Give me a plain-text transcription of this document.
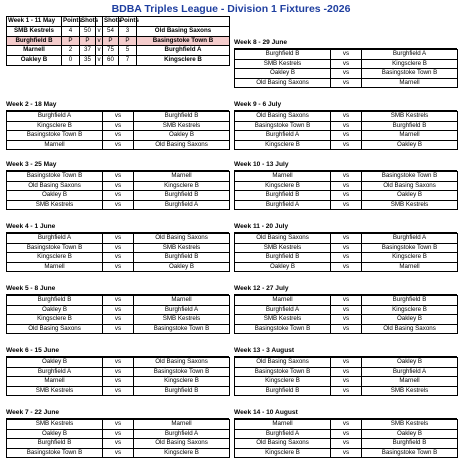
BDBA Triples League - Division 1 Fixtures -2026
Week 1 - 11 May	Points	Shots		Shots	Points	
SMB Kestrels	4	50	v	54	3	Old Basing Saxons
Burghfield B	P	P	v	P	P	Basingstoke Town B
Marnell	2	37	v	75	5	Burghfield A
Oakley B	0	35	v	60	7	Kingsclere B
Week 2 - 18 May
Burghfield A	vs	Burghfield B
Kingsclere B	vs	SMB Kestrels
Basingstoke Town B	vs	Oakley B
Marnell	vs	Old Basing Saxons
Week 3 - 25 May
Basingstoke Town B	vs	Marnell
Old Basing Saxons	vs	Kingsclere B
Oakley B	vs	Burghfield B
SMB Kestrels	vs	Burghfield A
Week 4 - 1 June
Burghfield A	vs	Old Basing Saxons
Basingstoke Town B	vs	SMB Kestrels
Kingsclere B	vs	Burghfield B
Marnell	vs	Oakley B
Week 5 - 8 June
Burghfield B	vs	Marnell
Oakley B	vs	Burghfield A
Kingsclere B	vs	SMB Kestrels
Old Basing Saxons	vs	Basingstoke Town B
Week 6 - 15 June
Oakley B	vs	Old Basing Saxons
Burghfield A	vs	Basingstoke Town B
Marnell	vs	Kingsclere B
SMB Kestrels	vs	Burghfield B
Week 7 - 22 June
SMB Kestrels	vs	Marnell
Oakley B	vs	Burghfield A
Burghfield B	vs	Old Basing Saxons
Basingstoke Town B	vs	Kingsclere B
Week 8 - 29 June
Burghfield B	vs	Burghfield A
SMB Kestrels	vs	Kingsclere B
Oakley B	vs	Basingstoke Town B
Old Basing Saxons	vs	Marnell
Week 9 - 6 July
Old Basing Saxons	vs	SMB Kestrels
Basingstoke Town B	vs	Burghfield B
Burghfield A	vs	Marnell
Kingsclere B	vs	Oakley B
Week 10 - 13 July
Marnell	vs	Basingstoke Town B
Kingsclere B	vs	Old Basing Saxons
Burghfield B	vs	Oakley B
Burghfield A	vs	SMB Kestrels
Week 11 - 20 July
Old Basing Saxons	vs	Burghfield A
SMB Kestrels	vs	Basingstoke Town B
Burghfield B	vs	Kingsclere B
Oakley B	vs	Marnell
Week 12 - 27 July
Marnell	vs	Burghfield B
Burghfield A	vs	Kingsclere B
SMB Kestrels	vs	Oakley B
Basingstoke Town B	vs	Old Basing Saxons
Week 13 - 3 August
Old Basing Saxons	vs	Oakley B
Basingstoke Town B	vs	Burghfield A
Kingsclere B	vs	Marnell
Burghfield B	vs	SMB Kestrels
Week 14 - 10 August
Marnell	vs	SMB Kestrels
Burghfield A	vs	Oakley B
Old Basing Saxons	vs	Burghfield B
Kingsclere B	vs	Basingstoke Town B
